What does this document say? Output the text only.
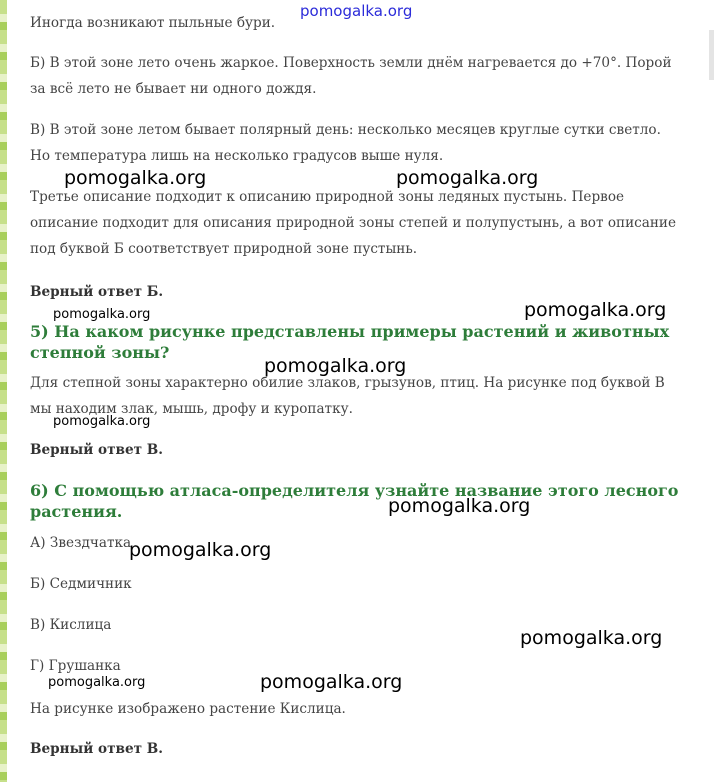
Иногда возникают пыльные бури.
Б) В этой зоне лето очень жаркое. Поверхность земли днём нагревается до +70°. Порой за всё лето не бывает ни одного дождя.
В) В этой зоне летом бывает полярный день: несколько месяцев круглые сутки светло. Но температура лишь на несколько градусов выше нуля.
Третье описание подходит к описанию природной зоны ледяных пустынь. Первое описание подходит для описания природной зоны степей и полупустынь, а вот описание под буквой Б соответствует природной зоне пустынь.
Верный ответ Б.
5) На каком рисунке представлены примеры растений и животных степной зоны?
Для степной зоны характерно обилие злаков, грызунов, птиц. На рисунке под буквой В мы находим злак, мышь, дрофу и куропатку.
Верный ответ В.
6) С помощью атласа-определителя узнайте название этого лесного растения.
А) Звездчатка
Б) Седмичник
В) Кислица
Г) Грушанка
На рисунке изображено растение Кислица.
Верный ответ В.
pomogalka.org
pomogalka.org	pomogalka.org
pomogalka.org	pomogalka.org
pomogalka.org
pomogalka.org
pomogalka.org
pomogalka.org
pomogalka.org
pomogalka.org	pomogalka.org
